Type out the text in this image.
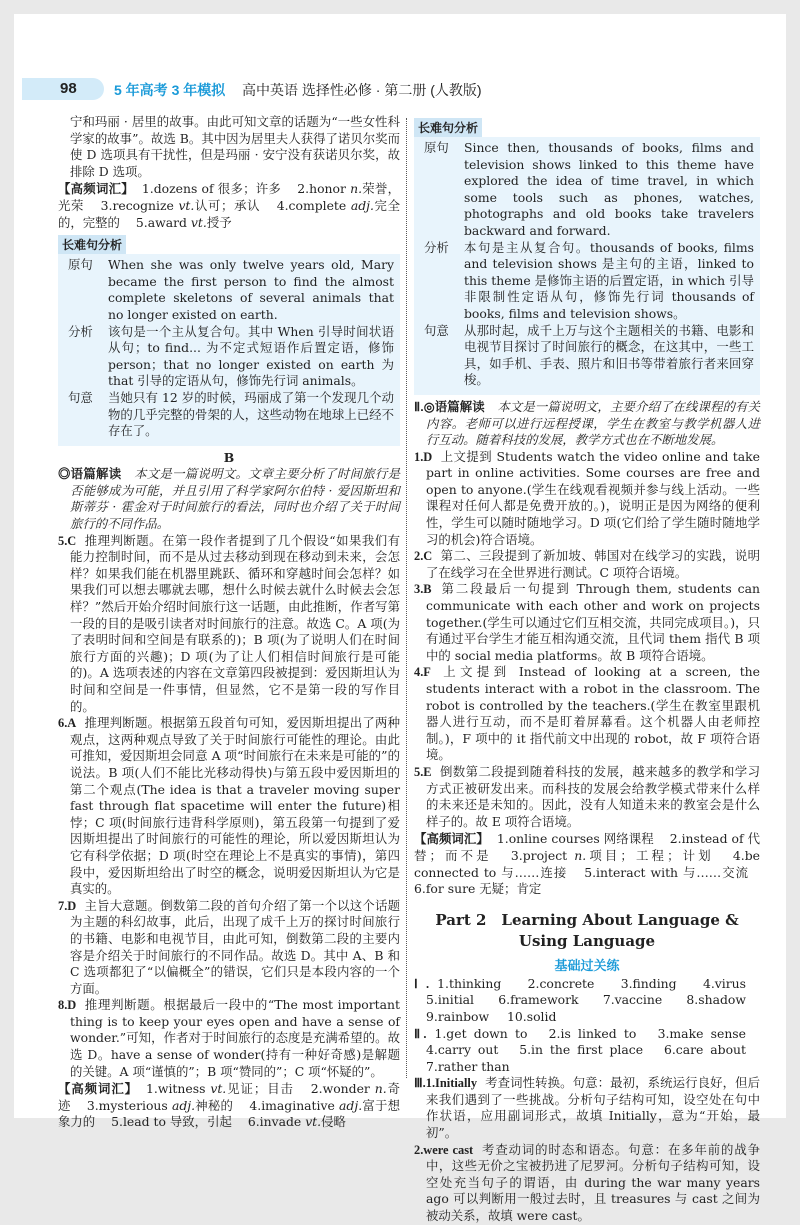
98	5 年高考 3 年模拟 高中英语 选择性必修 · 第二册 (人教版)
宁和玛丽 · 居里的故事。由此可知文章的话题为“一些女性科学家的故事”。故选 B。其中因为居里夫人获得了诺贝尔奖而使 D 选项具有干扰性，但是玛丽 · 安宁没有获诺贝尔奖，故排除 D 选项。
【高频词汇】 1.dozens of 很多；许多 2.honor n.荣誉，光荣 3.recognize vt.认可；承认 4.complete adj.完全的，完整的 5.award vt.授予
长难句分析
原句	When she was only twelve years old, Mary became the first person to find the almost complete skeletons of several animals that no longer existed on earth.
分析	该句是一个主从复合句。其中 When 引导时间状语从句；to find... 为不定式短语作后置定语，修饰 person；that no longer existed on earth 为 that 引导的定语从句，修饰先行词 animals。
句意	当她只有 12 岁的时候，玛丽成了第一个发现几个动物的几乎完整的骨架的人，这些动物在地球上已经不存在了。
B
◎语篇解读　 本文是一篇说明文。文章主要分析了时间旅行是否能够成为可能，并且引用了科学家阿尔伯特 · 爱因斯坦和斯蒂芬 · 霍金对于时间旅行的看法，同时也介绍了关于时间旅行的不同作品。
5.C 推理判断题。在第一段作者提到了几个假设“如果我们有能力控制时间，而不是从过去移动到现在移动到未来，会怎样？如果我们能在机器里跳跃、循环和穿越时间会怎样？如果我们可以想去哪就去哪，想什么时候去就什么时候去会怎样？”然后开始介绍时间旅行这一话题，由此推断，作者写第一段的目的是吸引读者对时间旅行的注意。故选 C。A 项(为了表明时间和空间是有联系的)；B 项(为了说明人们在时间旅行方面的兴趣)；D 项(为了让人们相信时间旅行是可能的)。A 选项表述的内容在文章第四段被提到：爱因斯坦认为时间和空间是一件事情，但显然，它不是第一段的写作目的。
6.A 推理判断题。根据第五段首句可知，爱因斯坦提出了两种观点，这两种观点导致了关于时间旅行可能性的理论。由此可推知，爱因斯坦会同意 A 项“时间旅行在未来是可能的”的说法。B 项(人们不能比光移动得快)与第五段中爱因斯坦的第二个观点(The idea is that a traveler moving super fast through flat spacetime will enter the future)相悖；C 项(时间旅行违背科学原则)，第五段第一句提到了爱因斯坦提出了时间旅行的可能性的理论，所以爱因斯坦认为它有科学依据；D 项(时空在理论上不是真实的事情)，第四段中，爱因斯坦给出了时空的概念，说明爱因斯坦认为它是真实的。
7.D 主旨大意题。倒数第二段的首句介绍了第一个以这个话题为主题的科幻故事，此后，出现了成千上万的探讨时间旅行的书籍、电影和电视节目，由此可知，倒数第二段的主要内容是介绍关于时间旅行的不同作品。故选 D。其中 A、B 和 C 选项都犯了“以偏概全”的错误，它们只是本段内容的一个方面。
8.D 推理判断题。根据最后一段中的“The most important thing is to keep your eyes open and have a sense of wonder.”可知，作者对于时间旅行的态度是充满希望的。故选 D。have a sense of wonder(持有一种好奇感)是解题的关键。A 项“谨慎的”；B 项“赞同的”；C 项“怀疑的”。
【高频词汇】 1.witness vt.见证；目击 2.wonder n.奇迹 3.mysterious adj.神秘的 4.imaginative adj.富于想象力的 5.lead to 导致，引起 6.invade vt.侵略
长难句分析
原句	Since then, thousands of books, films and television shows linked to this theme have explored the idea of time travel, in which some tools such as phones, watches, photographs and old books take travelers backward and forward.
分析	本句是主从复合句。thousands of books, films and television shows 是主句的主语，linked to this theme 是修饰主语的后置定语，in which 引导非限制性定语从句，修饰先行词 thousands of books, films and television shows。
句意	从那时起，成千上万与这个主题相关的书籍、电影和电视节目探讨了时间旅行的概念，在这其中，一些工具，如手机、手表、照片和旧书等带着旅行者来回穿梭。
Ⅱ.◎语篇解读　 本文是一篇说明文，主要介绍了在线课程的有关内容。老师可以进行远程授课，学生在教室与教学机器人进行互动。随着科技的发展，教学方式也在不断地发展。
1.D 上文提到 Students watch the video online and take part in online activities. Some courses are free and open to anyone.(学生在线观看视频并参与线上活动。一些课程对任何人都是免费开放的。)，说明正是因为网络的便利性，学生可以随时随地学习。D 项(它们给了学生随时随地学习的机会)符合语境。
2.C 第二、三段提到了新加坡、韩国对在线学习的实践，说明了在线学习在全世界进行测试。C 项符合语境。
3.B 第二段最后一句提到 Through them, students can communicate with each other and work on projects together.(学生可以通过它们互相交流，共同完成项目。)，只有通过平台学生才能互相沟通交流，且代词 them 指代 B 项中的 social media platforms。故 B 项符合语境。
4.F 上文提到 Instead of looking at a screen, the students interact with a robot in the classroom. The robot is controlled by the teachers.(学生在教室里跟机器人进行互动，而不是盯着屏幕看。这个机器人由老师控制。)，F 项中的 it 指代前文中出现的 robot，故 F 项符合语境。
5.E 倒数第二段提到随着科技的发展，越来越多的教学和学习方式正被研发出来。而科技的发展会给教学模式带来什么样的未来还是未知的。因此，没有人知道未来的教室会是什么样子的。故 E 项符合语境。
【高频词汇】 1.online courses 网络课程 2.instead of 代替；而不是 3.project n.项目；工程；计划 4.be connected to 与……连接 5.interact with 与……交流 6.for sure 无疑；肯定
Part 2　Learning About Language &
Using Language
基础过关练
Ⅰ. 1.thinking 2.concrete 3.finding 4.virus 5.initial 6.framework 7.vaccine 8.shadow 9.rainbow 10.solid
Ⅱ. 1.get down to 2.is linked to 3.make sense 4.carry out 5.in the first place 6.care about 7.rather than
Ⅲ.1.Initially 考查词性转换。句意：最初，系统运行良好，但后来我们遇到了一些挑战。分析句子结构可知，设空处在句中作状语，应用副词形式，故填 Initially，意为“开始，最初”。
2.were cast 考查动词的时态和语态。句意：在多年前的战争中，这些无价之宝被扔进了尼罗河。分析句子结构可知，设空处充当句子的谓语，由 during the war many years ago 可以判断用一般过去时，且 treasures 与 cast 之间为被动关系，故填 were cast。
